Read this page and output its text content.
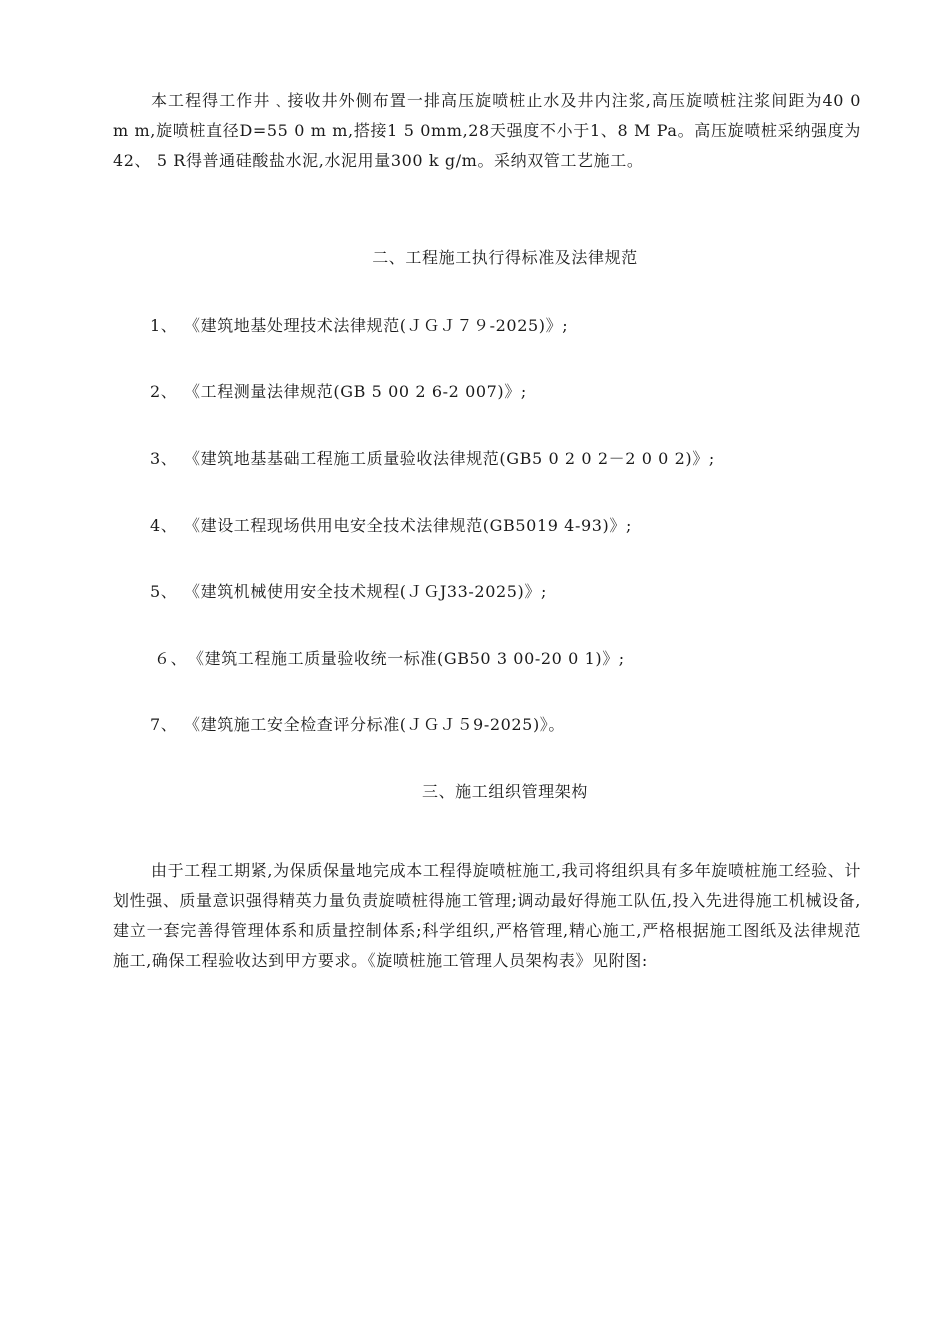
本工程得工作井﹑接收井外侧布置一排高压旋喷桩止水及井内注浆,高压旋喷桩注浆间距为40 0 m m,旋喷桩直径D=55 0 m m,搭接1 5 0mm,28天强度不小于1、8 M Pa。高压旋喷桩采纳强度为42、 5 R得普通硅酸盐水泥,水泥用量300 k g/m。采纳双管工艺施工。

二、工程施工执行得标准及法律规范

1、 《建筑地基处理技术法律规范(ＪＧＪ７９-2025)》;
2、 《工程测量法律规范(GB 5 00 2 6-2 007)》;
3、 《建筑地基基础工程施工质量验收法律规范(GB5 0 2 0 2－2 0 0 2)》;
4、 《建设工程现场供用电安全技术法律规范(GB5019 4-93)》;
5、 《建筑机械使用安全技术规程(ＪＧJ33-2025)》;
６、《建筑工程施工质量验收统一标准(GB50 3 00-20 0 1)》;
7、 《建筑施工安全检查评分标准(ＪＧＪ５9-2025)》。

三、施工组织管理架构

由于工程工期紧,为保质保量地完成本工程得旋喷桩施工,我司将组织具有多年旋喷桩施工经验、计划性强、质量意识强得精英力量负责旋喷桩得施工管理;调动最好得施工队伍,投入先进得施工机械设备,建立一套完善得管理体系和质量控制体系;科学组织,严格管理,精心施工,严格根据施工图纸及法律规范施工,确保工程验收达到甲方要求。《旋喷桩施工管理人员架构表》见附图:
